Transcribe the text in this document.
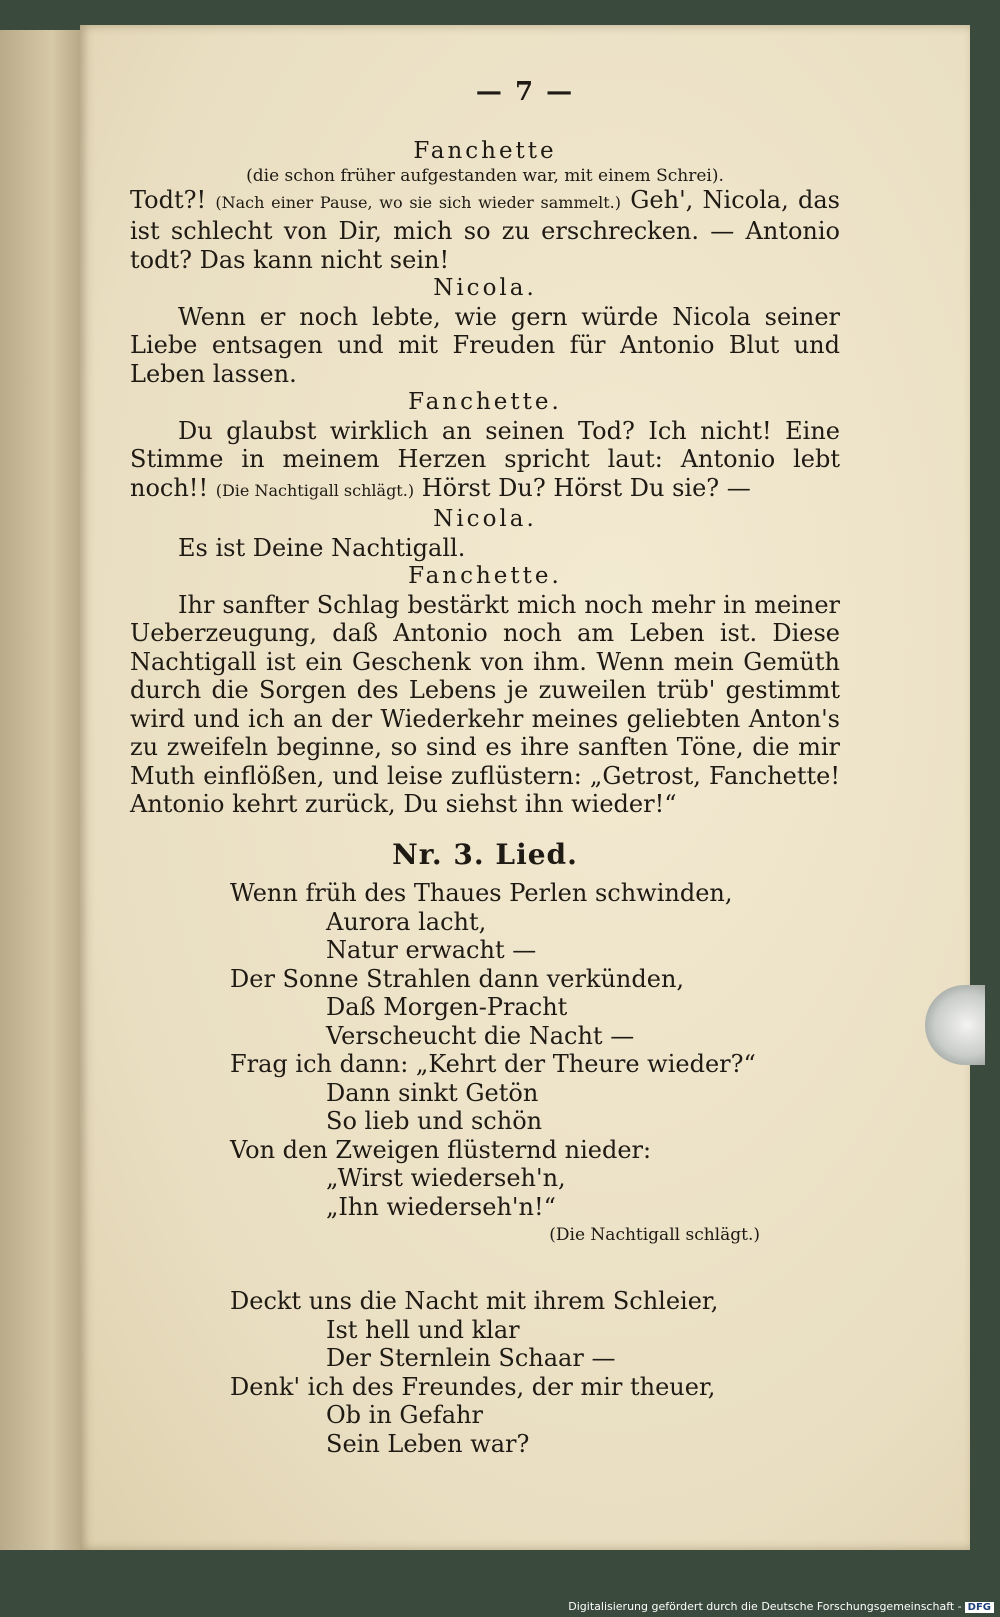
— 7 —
Fanchette
(die schon früher aufgestanden war, mit einem Schrei).

Todt?! (Nach einer Pause, wo sie sich wieder sammelt.) Geh', Nicola, das ist schlecht von Dir, mich so zu erschrecken. — Antonio todt? Das kann nicht sein!

Nicola.

Wenn er noch lebte, wie gern würde Nicola seiner Liebe entsagen und mit Freuden für Antonio Blut und Leben lassen.

Fanchette.

Du glaubst wirklich an seinen Tod? Ich nicht! Eine Stimme in meinem Herzen spricht laut: Antonio lebt noch!! (Die Nachtigall schlägt.) Hörst Du? Hörst Du sie? —

Nicola.

Es ist Deine Nachtigall.

Fanchette.

Ihr sanfter Schlag bestärkt mich noch mehr in meiner Ueberzeugung, daß Antonio noch am Leben ist. Diese Nachtigall ist ein Geschenk von ihm. Wenn mein Gemüth durch die Sorgen des Lebens je zuweilen trüb' gestimmt wird und ich an der Wiederkehr meines geliebten Anton's zu zweifeln beginne, so sind es ihre sanften Töne, die mir Muth einflößen, und leise zuflüstern: „Getrost, Fanchette! Antonio kehrt zurück, Du siehst ihn wieder!“

Nr. 3. Lied.
Wenn früh des Thaues Perlen schwinden,
Aurora lacht,
Natur erwacht —
Der Sonne Strahlen dann verkünden,
Daß Morgen-Pracht
Verscheucht die Nacht —
Frag ich dann: „Kehrt der Theure wieder?“
Dann sinkt Getön
So lieb und schön
Von den Zweigen flüsternd nieder:
„Wirst wiederseh'n,
„Ihn wiederseh'n!“
(Die Nachtigall schlägt.)
Deckt uns die Nacht mit ihrem Schleier,
Ist hell und klar
Der Sternlein Schaar —
Denk' ich des Freundes, der mir theuer,
Ob in Gefahr
Sein Leben war?
Digitalisierung gefördert durch die Deutsche Forschungsgemeinschaft - DFG
